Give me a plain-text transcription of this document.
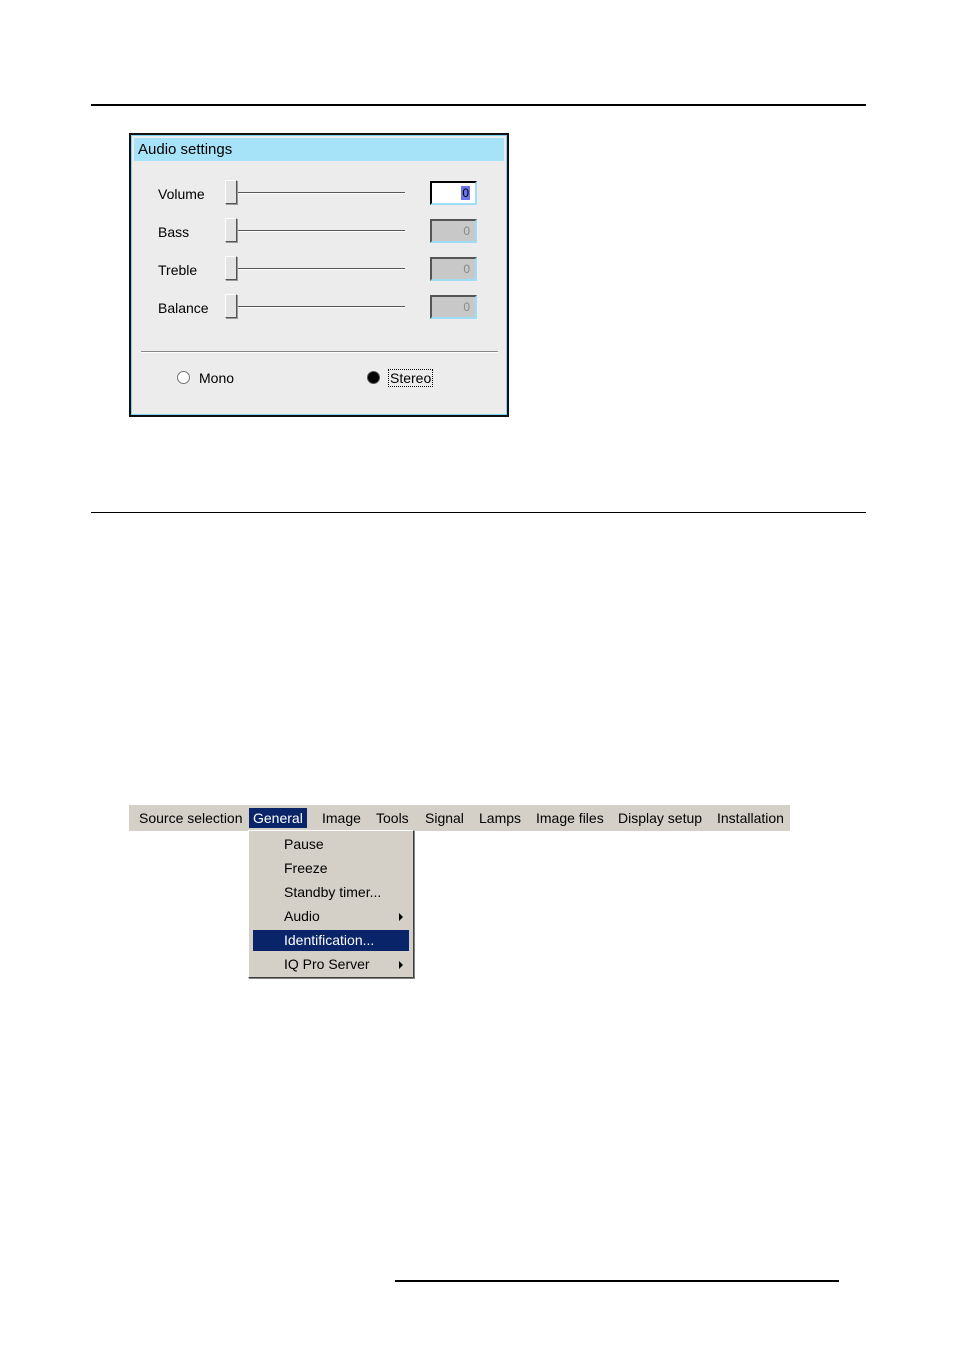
Audio settings
Volume	0
Bass	0
Treble	0
Balance	0
Mono	Stereo
Source selection General Image Tools Signal Lamps Image files Display setup Installation
Pause
Freeze
Standby timer...
Audio
Identification...
IQ Pro Server
